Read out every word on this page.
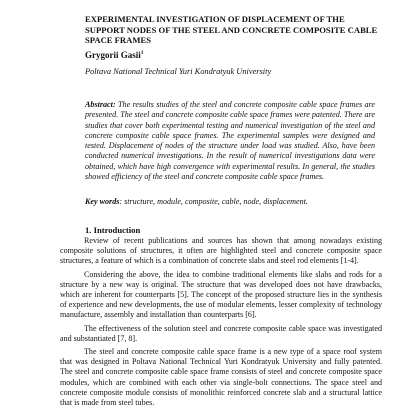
EXPERIMENTAL INVESTIGATION OF DISPLACEMENT OF THE SUPPORT NODES OF THE STEEL AND CONCRETE COMPOSITE CABLE SPACE FRAMES
Grygorii Gasii$^1$
Poltava National Technical Yuri Kondratyuk University
Abstract: The results studies of the steel and concrete composite cable space frames are presented. The steel and concrete composite cable space frames were patented. There are studies that cover both experimental testing and numerical investigation of the steel and concrete composite cable space frames. The experimental samples were designed and tested. Displacement of nodes of the structure under load was studied. Also, have been conducted numerical investigations. In the result of numerical investigations data were obtained, which have high convergence with experimental results. In general, the studies showed efficiency of the steel and concrete composite cable space frames.
Key words: structure, module, composite, cable, node, displacement.
1. Introduction

Review of recent publications and sources has shown that among nowadays existing composite solutions of structures, it often are highlighted steel and concrete composite space structures, a feature of which is a combination of concrete slabs and steel rod elements [1-4].

Considering the above, the idea to combine traditional elements like slabs and rods for a structure by a new way is original. The structure that was developed does not have drawbacks, which are inherent for counterparts [5]. The concept of the proposed structure lies in the synthesis of experience and new developments, the use of modular elements, lesser complexity of technology manufacture, assembly and installation than counterparts [6].

The effectiveness of the solution steel and concrete composite cable space was investigated and substantiated [7, 8].

The steel and concrete composite cable space frame is a new type of a space roof system that was designed in Poltava National Technical Yuri Kondratyuk University and fully patented. The steel and concrete composite cable space frame consists of steel and concrete composite space modules, which are combined with each other via single-bolt connections. The space steel and concrete composite module consists of monolithic reinforced concrete slab and a structural lattice that is made from steel tubes.
